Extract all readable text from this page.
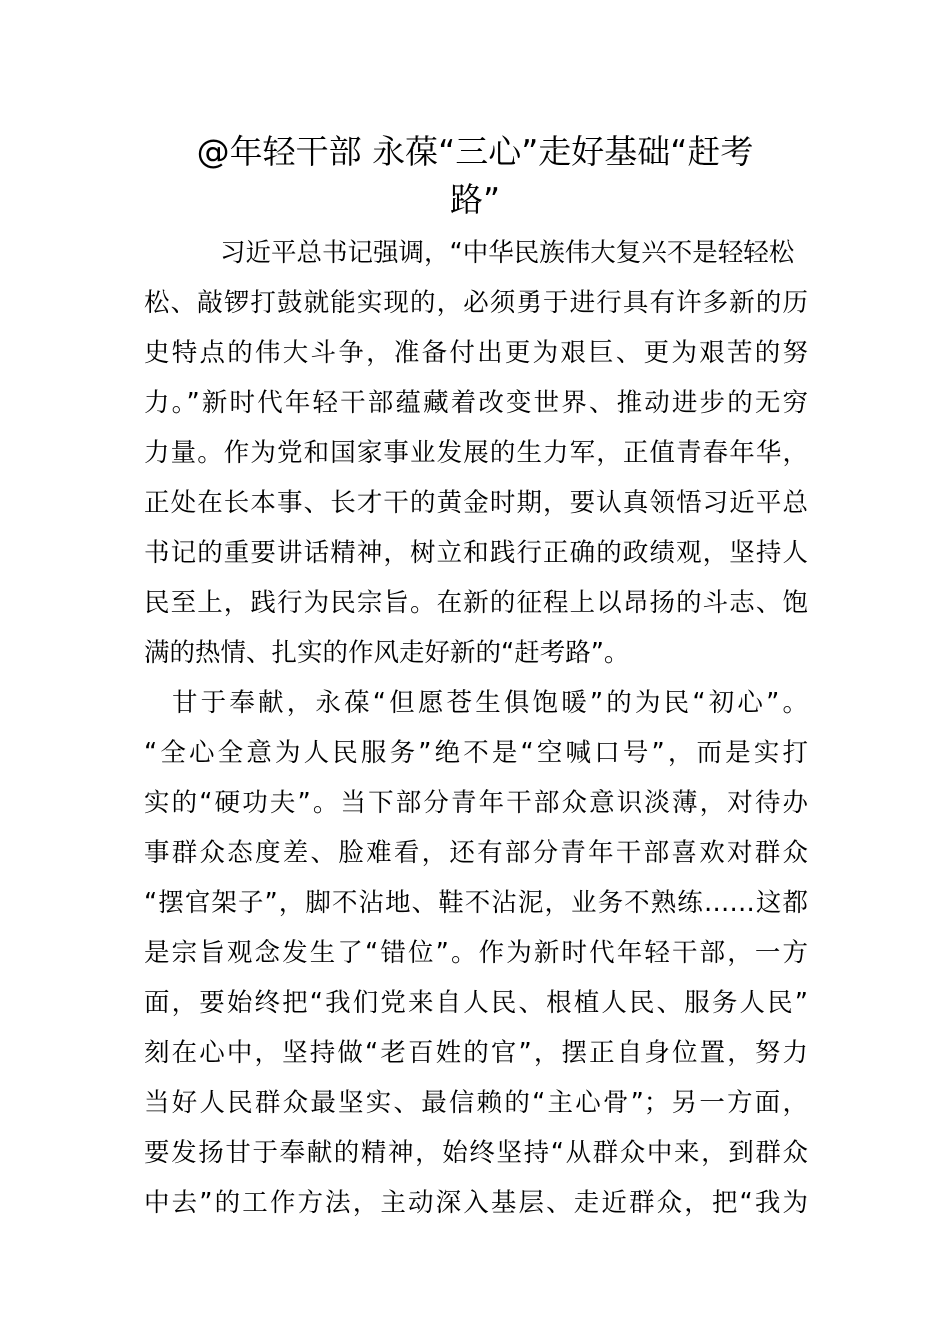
@年轻干部 永葆“三心”走好基础“赶考
路”
习近平总书记强调，“中华民族伟大复兴不是轻轻松
松、敲锣打鼓就能实现的，必须勇于进行具有许多新的历
史特点的伟大斗争，准备付出更为艰巨、更为艰苦的努
力。”新时代年轻干部蕴藏着改变世界、推动进步的无穷
力量。作为党和国家事业发展的生力军，正值青春年华，
正处在长本事、长才干的黄金时期，要认真领悟习近平总
书记的重要讲话精神，树立和践行正确的政绩观，坚持人
民至上，践行为民宗旨。在新的征程上以昂扬的斗志、饱
满的热情、扎实的作风走好新的“赶考路”。
甘于奉献，永葆“但愿苍生俱饱暖”的为民“初心”。
“全心全意为人民服务”绝不是“空喊口号”，而是实打
实的“硬功夫”。当下部分青年干部众意识淡薄，对待办
事群众态度差、脸难看，还有部分青年干部喜欢对群众
“摆官架子”，脚不沾地、鞋不沾泥，业务不熟练……这都
是宗旨观念发生了“错位”。作为新时代年轻干部，一方
面，要始终把“我们党来自人民、根植人民、服务人民”
刻在心中，坚持做“老百姓的官”，摆正自身位置，努力
当好人民群众最坚实、最信赖的“主心骨”；另一方面，
要发扬甘于奉献的精神，始终坚持“从群众中来，到群众
中去”的工作方法，主动深入基层、走近群众，把“我为
